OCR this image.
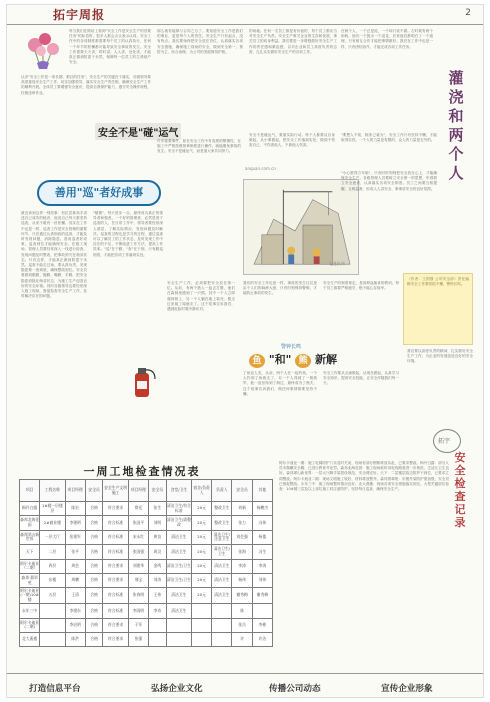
拓宇周报	2
每当我们在网站上看到"安全工作是安全生产的首要任务"的标语时，很多人都会点头表示认同。安全工作中的各项制度都需要每个员工的认真执行，任何一个环节的松懈都可能导致安全事故的发生。安全工作需要天天讲，时时讲，人人讲，处处讲，才能真正做到防患于未然，保障每一位员工的生命财产安全。
认识"安全工作是一项长期、艰巨的任务"，安全生产的关键在于落实，各级领导要高度重视安全生产工作，切实加强领导，落实安全生产责任制，确保安全生产工作的顺利开展。全体员工要增强安全意识，提高自我保护能力，遵守安全操作规程，杜绝违章作业。
那么就有能够与合同之分了。要知道安全工作是我们的事业，更是每个人的责任。安全生产只有起点，没有终点。我们要始终把安全放在首位，认真落实各项安全措施，确保施工现场的安全，做到安全第一，预防为主，综合治理，为公司的发展保驾护航。
的场地。任何一名员工都是有价值的，每个员工都应当对安全生产负责。安全生产事关企业的生存和发展，事关员工的切身利益。我们要进一步增强做好安全生产工作的责任感和紧迫感，以对企业和员工高度负责的态度，扎扎实实做好安全生产的各项工作。
在两个人，一个总是说，一个却只说不做。古时候有两个和尚，他们一个挑水一个浇花，后来他们都明白了一个道理，只有相互合作才能把事情做好。我们在工作中也是一样，只有团结协作，才能完成各项工作任务。
灌 浇 和 两 个 人
安全不是"碰"运气
许多重要事件，如在安全工作中有高度的警惕性，在施工中严格按照规章制度进行操作，就能避免事故的发生。安全不是碰运气，而是靠大家共同努力。
安全不是碰运气，要靠实际行动。每个人都要从自身做起，从小事做起，把安全工作落到实处，做到不伤害自己，不伤害他人，不被他人伤害。
"要想人不知，除非己莫为"，安全工作只有坚持不懈，才能取得实效。一个人的力量是有限的，众人的力量是无穷的。
善用"巡"者好成事
最近读到这样一则故事：有位武林高手讲述自己成功的秘诀，他说自己每天都坚持巡查，从来不敢有一丝松懈。其实在工作中也是一样，巡查工作是安全管理的重要环节，只有通过认真细致的巡查，才能及时发现问题，消除隐患。善用巡者好成事，巡查到位才能确保安全。在施工现场，管理人员要经常深入一线进行检查，发现问题及时整改，把事故消灭在萌芽状态。只有这样，才能真正做到防患于未然。巡查不能走过场，要认真负责，发现隐患要一查到底，确保整改到位。安全员要做到眼勤、腿勤、嘴勤、手勤，把安全隐患消除在萌芽状态，为施工生产创造良好的安全环境。同时各级领导也要经常深入施工现场，督促检查安全生产工作，及时解决存在的问题。
"敏捷"，每天进步一点，最终成为真正的领导者和强者。一个好的管理者，必然是善于巡查的人。在日常工作中，领导者要经常深入基层，了解实际情况，发现问题及时解决。巡查的过程也是学习的过程，通过巡查可以了解员工的工作状态，及时发现工作中存在的不足，不断改进工作方法，提高工作效率。"巡"在于勤，"查"在于细，只有勤巡细查，才能把各项工作落到实处。
anquan.com.cn
ig通讯网
"小心驶得万年船"，只有时时刻刻把安全放在心上，才能确保安全生产。各级管理人员要树立安全第一的思想，牢固树立安全意识，认真落实各项安全制度。员工之间要互相提醒，互相监督，形成人人讲安全、事事讲安全的良好氛围。
（作者：王国强 公司安全部）责任编辑安全工作要常抓不懈，警钟长鸣。
安全生产工作，必须要把安全放在第一位。从前，有两个猎人一起去打猎，他们在森林里遇到了一只熊。其中一个人立即爬到树上，另一个人躺在地上装死，熊走过来闻了闻就走了。这个故事告诉我们，遇到危险时要冷静应对。
我们的安全工作也是一样，事故的发生往往是由于人们的麻痹大意，只有时刻保持警惕，才能防止事故的发生。
安全生产的制度规定，是用鲜血换来的教训。每个员工都要严格遵守，绝不能心存侥幸。
警钟长鸣
鱼 "和" 熊 新解
了鱼逗人类，从前，两个人在一起钓鱼，一个人钓到了鱼就走了，另一个人得到了一根渔竿，他一直坚持到了海边，最终成为了渔夫。这个故事告诉我们，做任何事情都要坚持不懈。
安全工作要从点滴做起，从现在做起，认真学习安全知识，提高安全技能，让安全伴随我们每一天。
我们要以高度负责的精神，扎实做好安全生产工作，为企业的发展创造良好的安全环境。
拓宇
一周工地检查情况表
项目	工程名称	项目经理	安全员	安全生产文明施工	项目经理	安全员	食堂/卫生	宿舍/负责人	负责人	安全员	其他
枫丹白露	1#楼一层楼层	陈宏	合格	符合要求	徐光	张生	清洁卫生/符合标准	20元	整改卫生	刘新	杨鹏杰
森邦北海花园	2#商业楼	李建明	合格	符合标准	张国平	刘明	清洁卫生/需整改	20元	整改卫生	张力	冯伟
森邦翠山新世界	一层大厅	张建军	合格	符合标准	宋永红	黄良	清洁卫生	20元	清洁卫生/注意卫生	刘会强	杨俊
天下	二层	张平	合格	符合标准	张国强	周汉	清洁卫生	20元	清洁卫生/卫生	张海	冯生
阿尔卡迪亚（二期）	四层	周会	合格	符合要求	刘建华	金鸣	清洁卫生/卫生	20元	清洁卫生	李涛	李涛
森邦·翡翠苑	东楼	周鹏	合格	符合要求	邢宝	刘涛	清洁卫生/卫生	20元	清洁卫生	杨伟	刘伟
阿尔卡迪亚(一期)10#楼	五层	王清	合格	符合标准	张春明	王伟	清洁卫生	20元	清洁卫生	谢秀梅	谢秀梅
永年三中		李建东	合格	符合标准	李国明	李奇	清洁卫生			陈	
阿尔卡迪亚(二期)		李启明	合格	符合要求	于军					张岳	李彬
北大燕楼		陈洪	合格	符合要求	张强					许	许洁
安全检查记录
阿尔卡迪亚一期：施工电梯防护门未及时关闭，现场有部分钢筋堆放杂乱，已要求整改。枫丹白露：部分人员未佩戴安全帽，已进行教育并处罚。森邦北海花园：施工现场临时用电线路需进一步规范，生活区卫生良好。森邦翠山新世界：一层大厅脚手架搭设规范，安全网完好。天下：二层楼层临边防护不到位，已要求立即整改。阿尔卡迪亚二期：现场文明施工较好，材料堆放整齐。森邦翡翠苑：东楼外架防护需加强，安全员已督促整改。永年三中：施工现场整体情况良好。北大燕楼：现场各项安全措施落实到位。大型关键部位检查：10#楼三层及以上部位施工时注意防护，坚持每日巡查，确保安全生产。
打造信息平台	弘扬企业文化	传播公司动态	宣传企业形象
